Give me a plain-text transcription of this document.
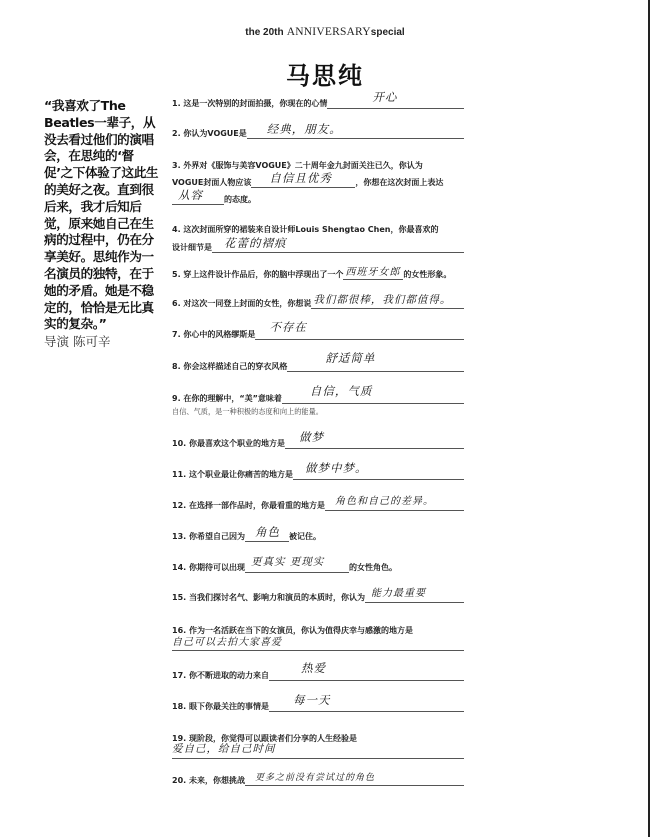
the 20th ANNIVERSARYspecial
马思纯
“我喜欢了The Beatles一辈子，从没去看过他们的演唱会，在思纯的‘督促’之下体验了这此生的美好之夜。直到很后来，我才后知后觉，原来她自己在生病的过程中，仍在分享美好。思纯作为一名演员的独特，在于她的矛盾。她是不稳定的，恰恰是无比真实的复杂。”
导演 陈可辛
1. 这是一次特别的封面拍摄，你现在的心情	开心
2. 你认为VOGUE是 经典，朋友。
3. 外界对《服饰与美容VOGUE》二十周年金九封面关注已久，你认为
VOGUE封面人物应该 自信且优秀	，你想在这次封面上表达
从容	的态度。
4. 这次封面所穿的裙装来自设计师Louis Shengtao Chen，你最喜欢的
设计细节是 花蕾的褶痕
5. 穿上这件设计作品后，你的脑中浮现出了一个 西班牙女郎 的女性形象。
6. 对这次一同登上封面的女性，你想说 我们都很棒，我们都值得。
7. 你心中的风格缪斯是
不存在
8. 你会这样描述自己的穿衣风格
舒适简单
9. 在你的理解中，“美”意味着
自信，气质
自信、气质，是一种积极的态度和向上的能量。
10. 你最喜欢这个职业的地方是 做梦
11. 这个职业最让你痛苦的地方是 做梦中梦。
12. 在选择一部作品时，你最看重的地方是 角色和自己的差异。
13. 你希望自己因为 角色 被记住。
14. 你期待可以出现 更真实 更现实	的女性角色。
15. 当我们探讨名气、影响力和演员的本质时，你认为 能力最重要
16. 作为一名活跃在当下的女演员，你认为值得庆幸与感激的地方是
自己可以去拍大家喜爱
17. 你不断进取的动力来自
热爱
18. 眼下你最关注的事情是 每一天
19. 现阶段，你觉得可以跟读者们分享的人生经验是
爱自己，给自己时间
20. 未来，你想挑战 更多之前没有尝试过的角色
